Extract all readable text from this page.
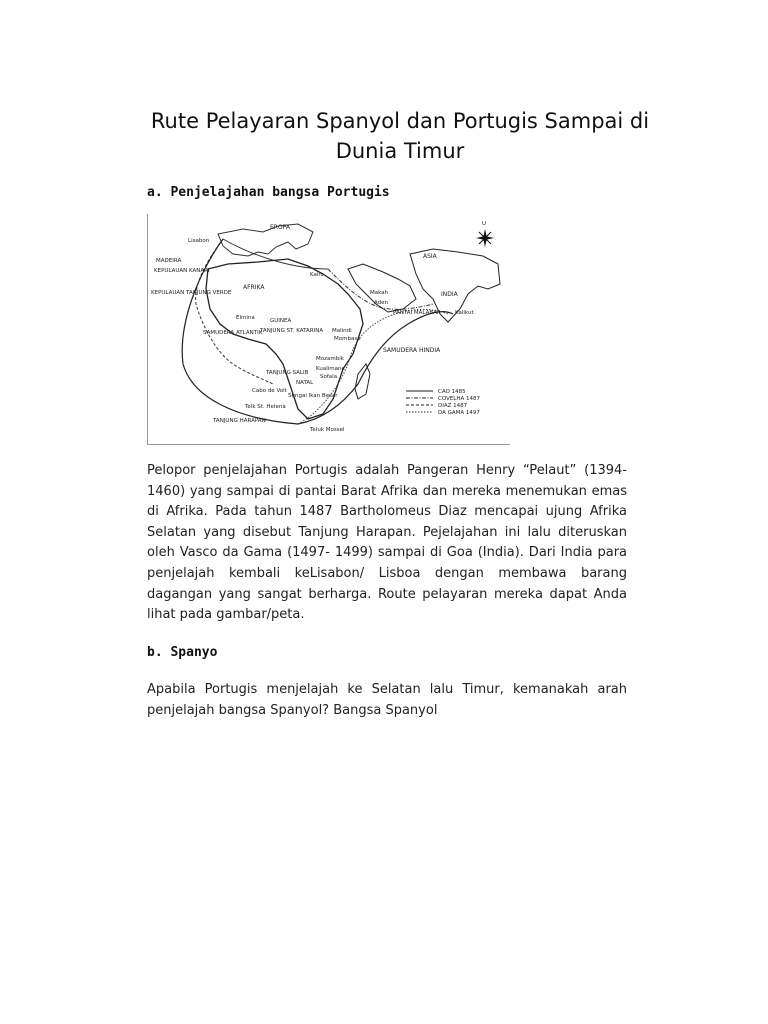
Rute Pelayaran Spanyol dan Portugis Sampai di Dunia Timur
a. Penjelajahan bangsa Portugis
U
EROPA
ASIA
Lisabon
MADEIRA
KEPULAUAN KANARI
KEPULAUAN TANJUNG VERDE
AFRIKA
Kairo
Makah
Aden
INDIA
Kalikut
PANTAI MALABAR
Elmina	GUINEA
TANJUNG ST. KATARINA Malindi
Mombasa
SAMUDERA HINDIA
SAMUDERA ATLANTIK
Mozambik
Kualimane
Sofala
TANJUNG SALIB
NATAL
Cabo de Volt
Sungai Ikan Besar
Telk St. Helena
TANJUNG HARAPAN
Teluk Mossel
CAO 1485
COVELHA 1487
DIAZ 1487
DA GAMA 1497

Pelopor penjelajahan Portugis adalah Pangeran Henry “Pelaut” (1394-1460) yang sampai di pantai Barat Afrika dan mereka menemukan emas di Afrika. Pada tahun 1487 Bartholomeus Diaz mencapai ujung Afrika Selatan yang disebut Tanjung Harapan. Pejelajahan ini lalu diteruskan oleh Vasco da Gama (1497- 1499) sampai di Goa (India). Dari India para penjelajah kembali keLisabon/ Lisboa dengan membawa barang dagangan yang sangat berharga. Route pelayaran mereka dapat Anda lihat pada gambar/peta.

b. Spanyo

Apabila Portugis menjelajah ke Selatan lalu Timur, kemanakah arah penjelajah bangsa Spanyol? Bangsa Spanyol
